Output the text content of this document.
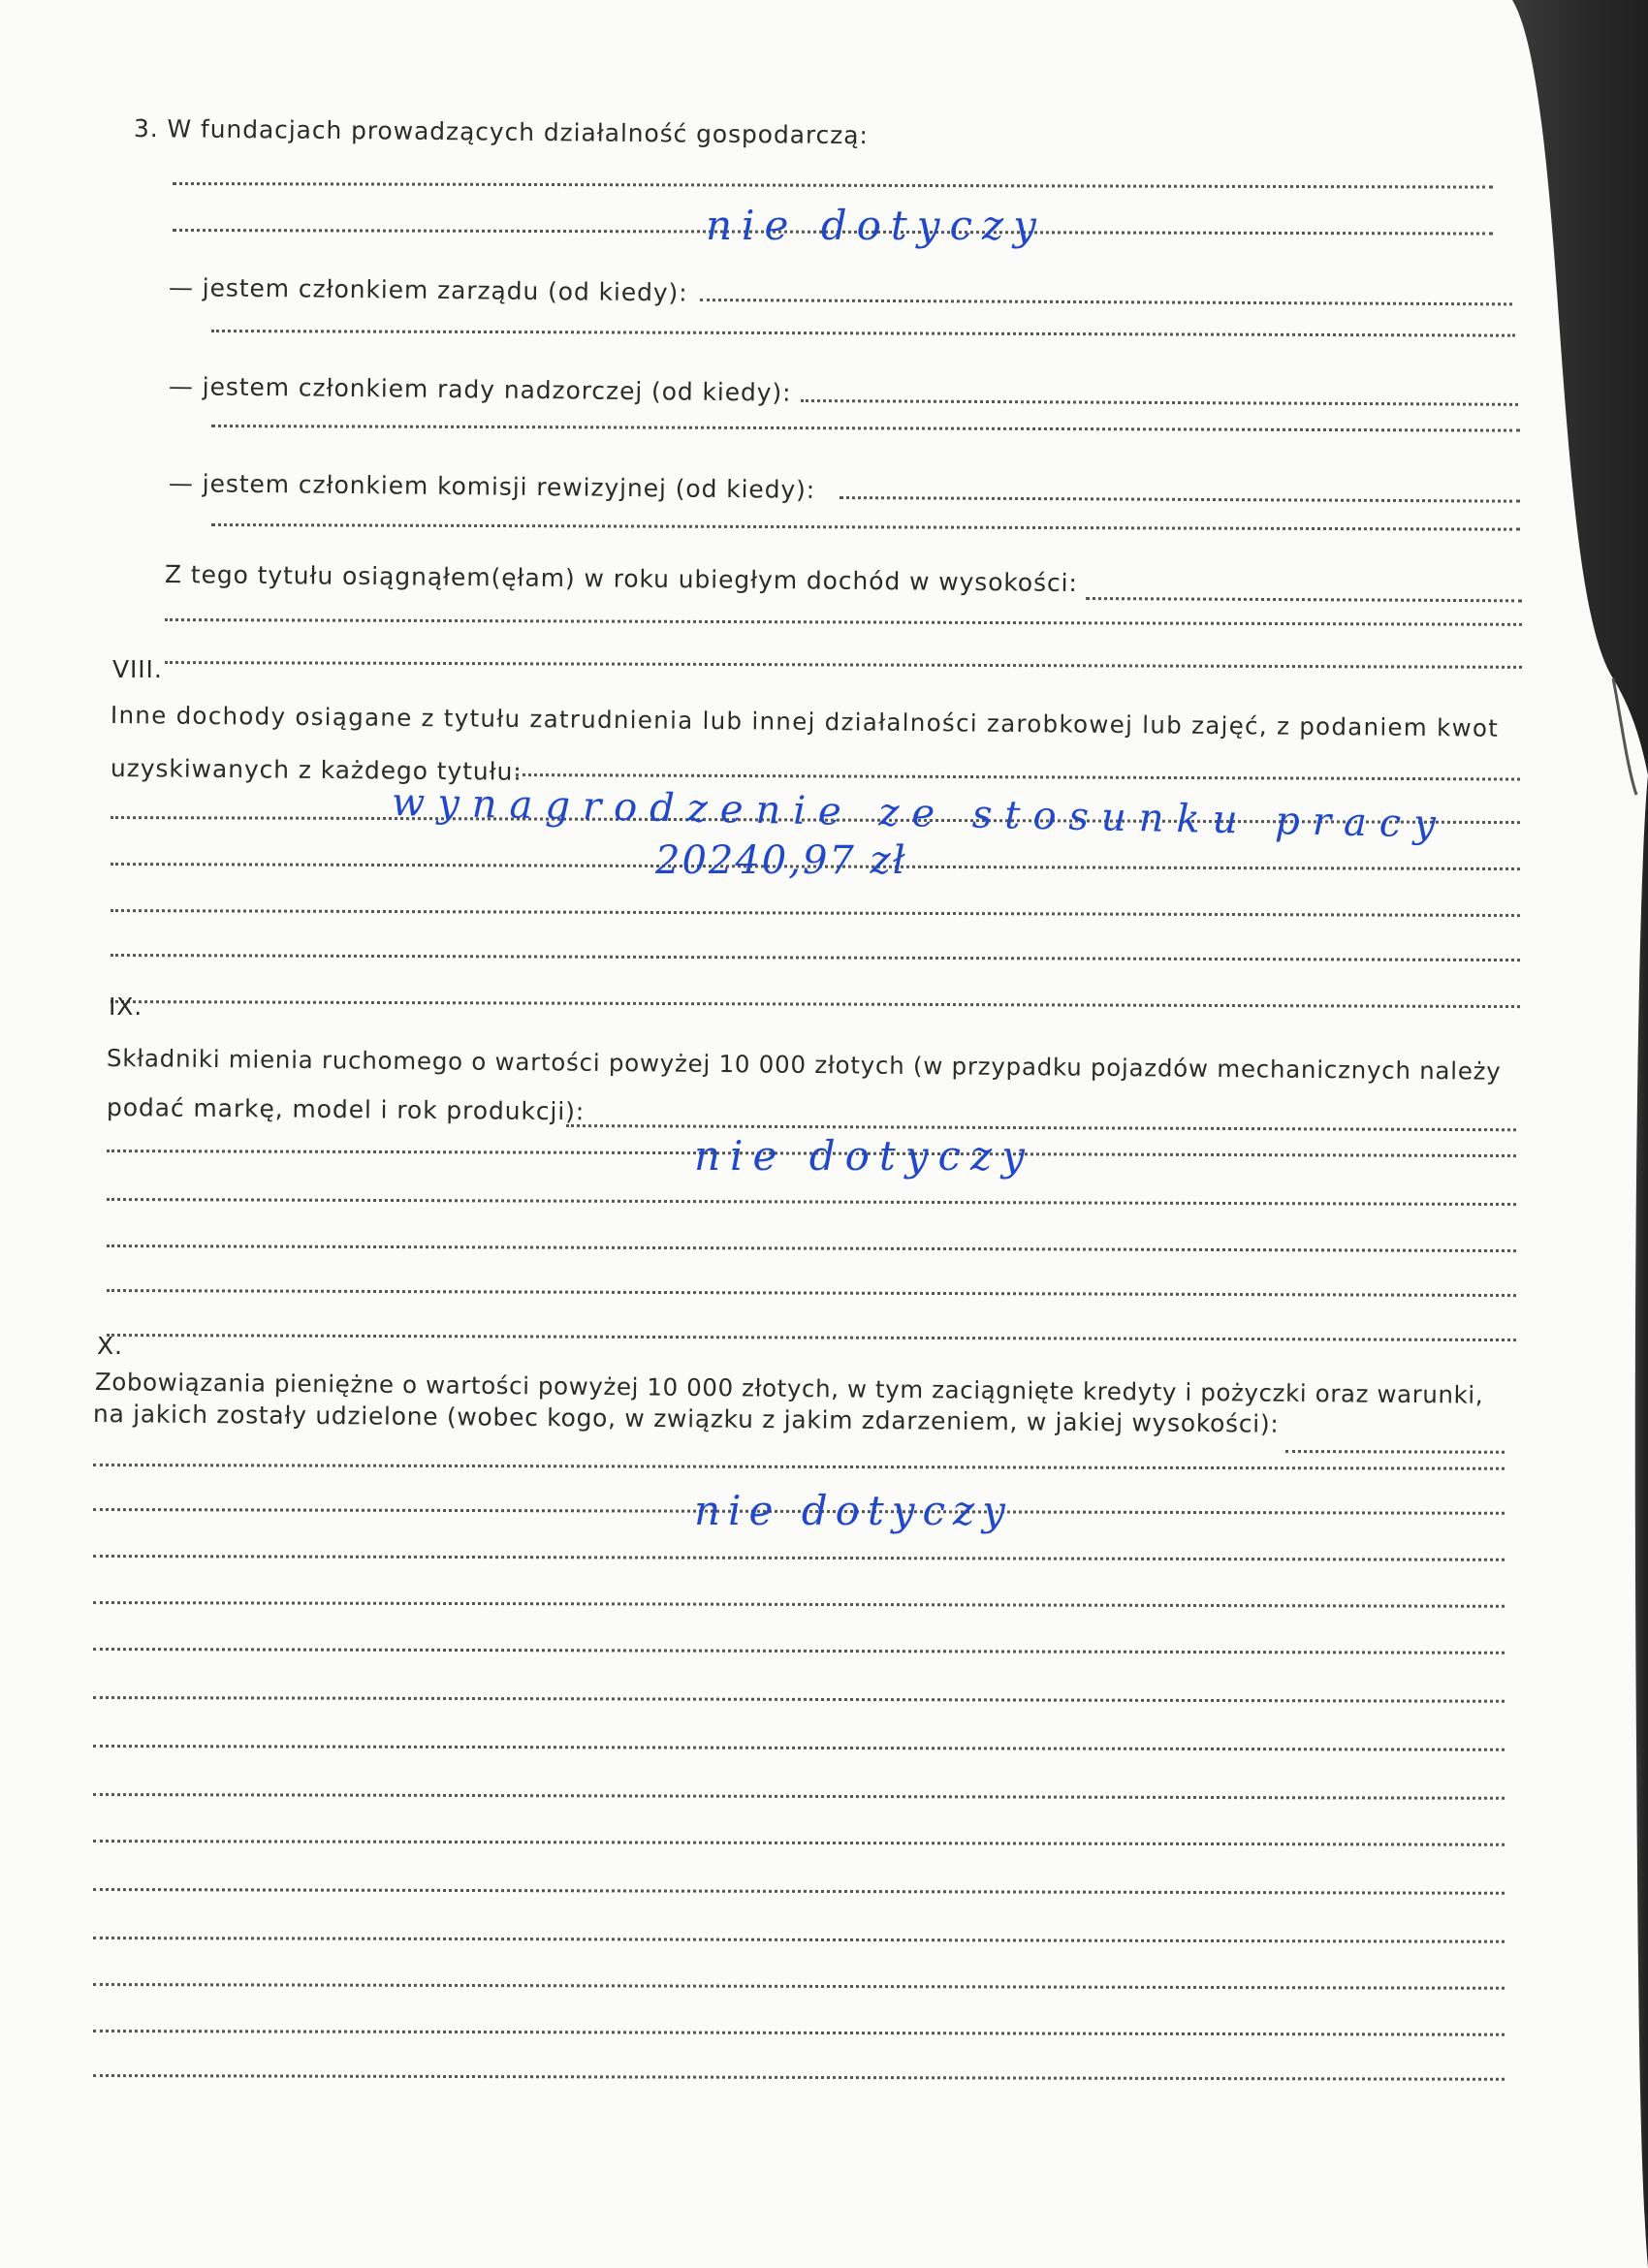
3. W fundacjach prowadzących działalność gospodarczą:
nie dotyczy
— jestem członkiem zarządu (od kiedy):
— jestem członkiem rady nadzorczej (od kiedy):
— jestem członkiem komisji rewizyjnej (od kiedy):
Z tego tytułu osiągnąłem(ęłam) w roku ubiegłym dochód w wysokości:
VIII.
Inne dochody osiągane z tytułu zatrudnienia lub innej działalności zarobkowej lub zajęć, z podaniem kwot
uzyskiwanych z każdego tytułu:
wynagrodzenie ze stosunku pracy
20240,97 zł
IX.
Składniki mienia ruchomego o wartości powyżej 10 000 złotych (w przypadku pojazdów mechanicznych należy
podać markę, model i rok produkcji):
nie dotyczy
X.
Zobowiązania pieniężne o wartości powyżej 10 000 złotych, w tym zaciągnięte kredyty i pożyczki oraz warunki,
na jakich zostały udzielone (wobec kogo, w związku z jakim zdarzeniem, w jakiej wysokości):
nie dotyczy
